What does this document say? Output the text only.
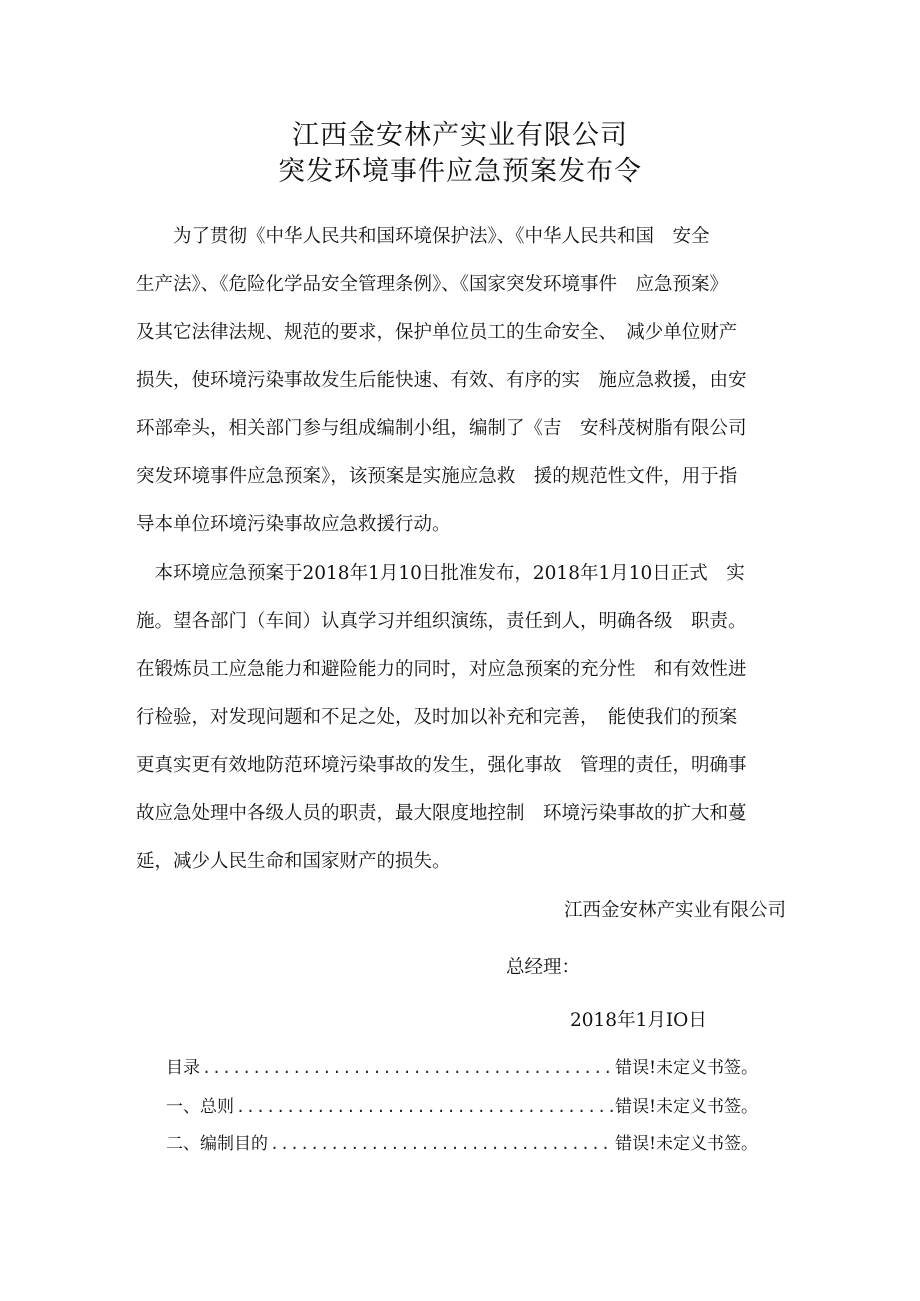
江西金安林产实业有限公司
突发环境事件应急预案发布令
　　为了贯彻《中华人民共和国环境保护法》、《中华人民共和国　安全
生产法》、《危险化学品安全管理条例》、《国家突发环境事件　应急预案》
及其它法律法规、规范的要求，保护单位员工的生命安全、　减少单位财产
损失，使环境污染事故发生后能快速、有效、有序的实　施应急救援，由安
环部牵头，相关部门参与组成编制小组，编制了《吉　安科茂树脂有限公司
突发环境事件应急预案》，该预案是实施应急救　援的规范性文件，用于指
导本单位环境污染事故应急救援行动。
　本环境应急预案于2018年1月10日批准发布，2018年1月10日正式　实
施。望各部门（车间）认真学习并组织演练，责任到人，明确各级　职责。
在锻炼员工应急能力和避险能力的同时，对应急预案的充分性　和有效性进
行检验，对发现问题和不足之处，及时加以补充和完善，　能使我们的预案
更真实更有效地防范环境污染事故的发生，强化事故　管理的责任，明确事
故应急处理中各级人员的职责，最大限度地控制　环境污染事故的扩大和蔓
延，减少人民生命和国家财产的损失。
江西金安林产实业有限公司
总经理：
2018年1月IO日
目录 .....	错误!未定义书签。
一、总则 .....	错误!未定义书签。
二、编制目的 .....	错误!未定义书签。
